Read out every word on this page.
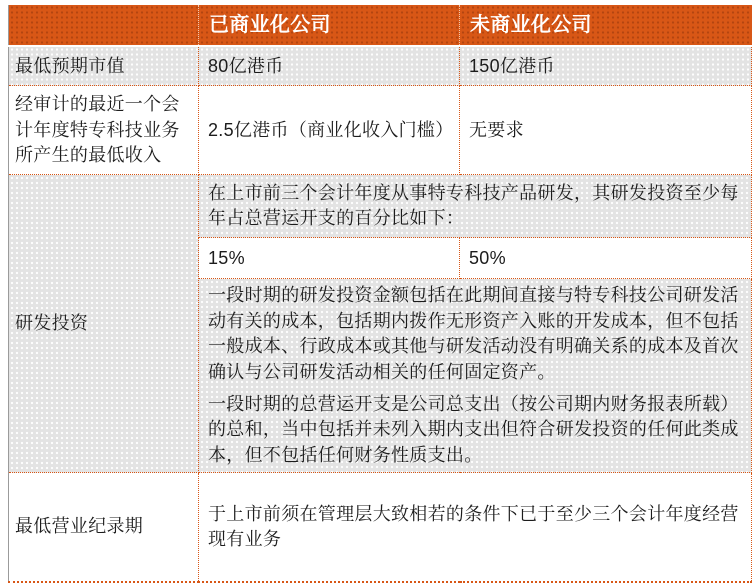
	已商业化公司	未商业化公司
最低预期市值	80亿港币	150亿港币
经审计的最近一个会计年度特专科技业务所产生的最低收入	2.5亿港币（商业化收入门槛）	无要求
研发投资	在上市前三个会计年度从事特专科技产品研发，其研发投资至少每年占总营运开支的百分比如下：	
	15%	50%

	一段时期的研发投资金额包括在此期间直接与特专科技公司研发活动有关的成本，包括期内拨作无形资产入账的开发成本，但不包括一般成本、行政成本或其他与研发活动没有明确关系的成本及首次确认与公司研发活动相关的任何固定资产。
一段时期的总营运开支是公司总支出（按公司期内财务报表所载）的总和，当中包括并未列入期内支出但符合研发投资的任何此类成本，但不包括任何财务性质支出。	

最低营业纪录期	于上市前须在管理层大致相若的条件下已于至少三个会计年度经营现有业务	
